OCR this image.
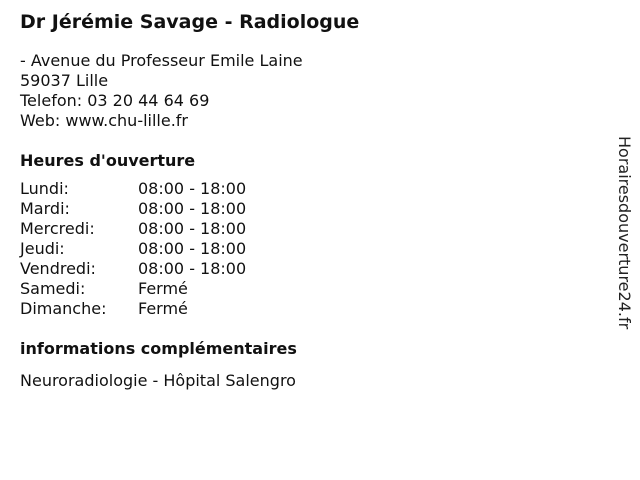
Dr Jérémie Savage - Radiologue
- Avenue du Professeur Emile Laine
59037 Lille
Telefon: 03 20 44 64 69
Web: www.chu-lille.fr
Heures d'ouverture
Lundi:	08:00 - 18:00
Mardi:	08:00 - 18:00
Mercredi:	08:00 - 18:00
Jeudi:	08:00 - 18:00
Vendredi:	08:00 - 18:00
Samedi:	Fermé
Dimanche:	Fermé
informations complémentaires
Neuroradiologie - Hôpital Salengro
Horairesdouverture24.fr
